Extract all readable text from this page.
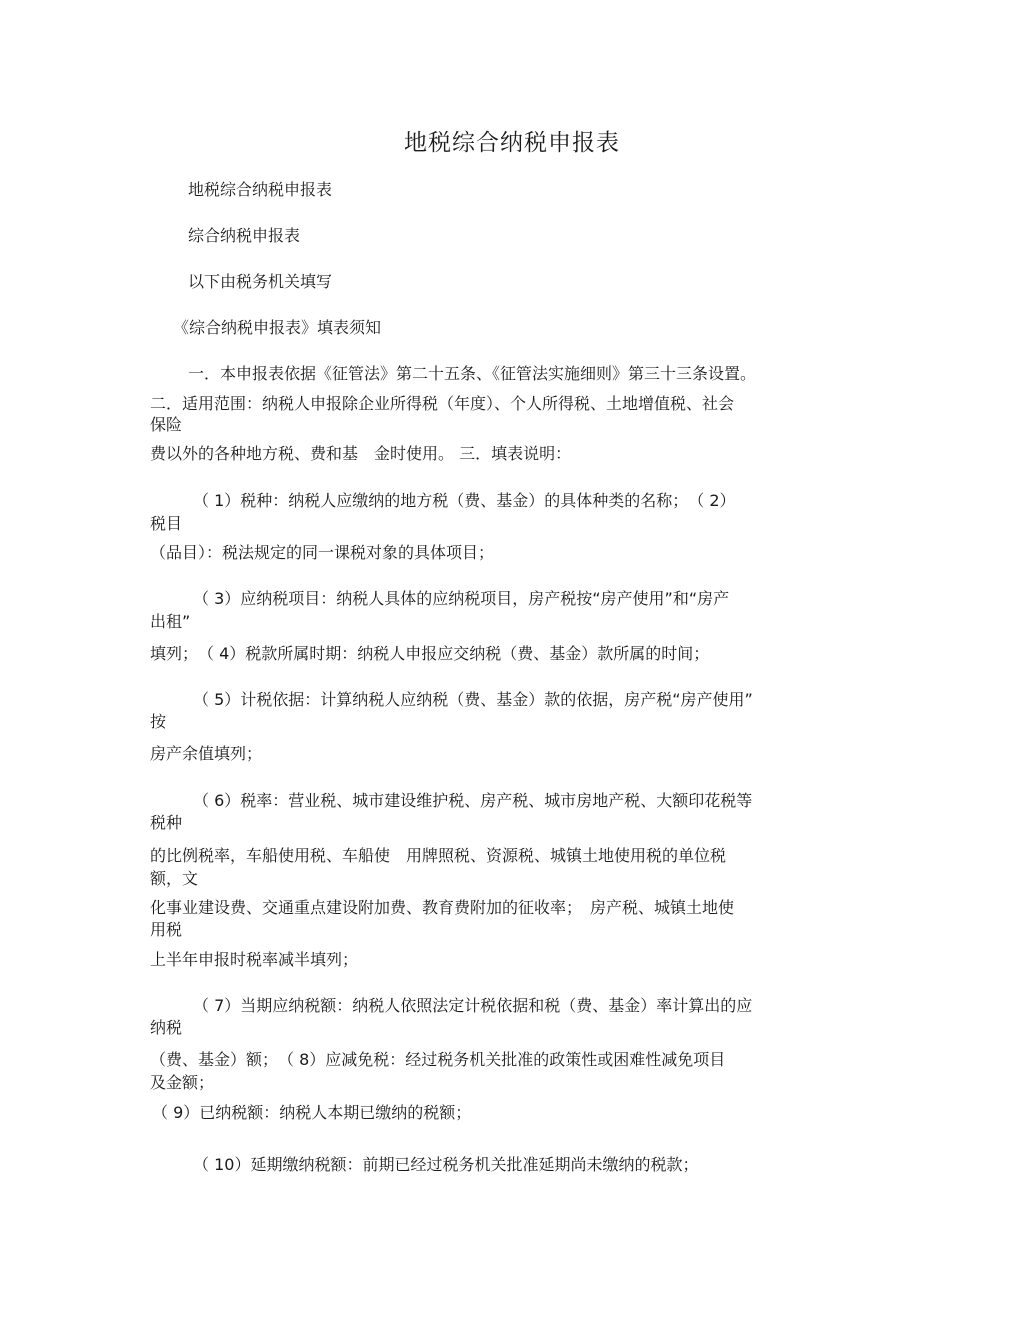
地税综合纳税申报表
地税综合纳税申报表
综合纳税申报表
以下由税务机关填写
《综合纳税申报表》填表须知
一．本申报表依据《征管法》第二十五条、《征管法实施细则》第三十三条设置。
二．适用范围：纳税人申报除企业所得税（年度）、个人所得税、土地增值税、社会
保险
费以外的各种地方税、费和基　金时使用。 三．填表说明：
（ 1）税种：纳税人应缴纳的地方税（费、基金）的具体种类的名称；　（ 2）
税目
（品目）：税法规定的同一课税对象的具体项目；
（ 3）应纳税项目：纳税人具体的应纳税项目，房产税按“房产使用”和“房产
出租”
填列；　（ 4）税款所属时期：纳税人申报应交纳税（费、基金）款所属的时间；
（ 5）计税依据：计算纳税人应纳税（费、基金）款的依据，房产税“房产使用”
按
房产余值填列；
（ 6）税率：营业税、城市建设维护税、房产税、城市房地产税、大额印花税等
税种
的比例税率，车船使用税、车船使　用牌照税、资源税、城镇土地使用税的单位税
额，文
化事业建设费、交通重点建设附加费、教育费附加的征收率；　房产税、城镇土地使
用税
上半年申报时税率减半填列；
（ 7）当期应纳税额：纳税人依照法定计税依据和税（费、基金）率计算出的应
纳税
（费、基金）额；　（ 8）应减免税：经过税务机关批准的政策性或困难性减免项目
及金额；
（ 9）已纳税额：纳税人本期已缴纳的税额；
（ 10）延期缴纳税额：前期已经过税务机关批准延期尚未缴纳的税款；
